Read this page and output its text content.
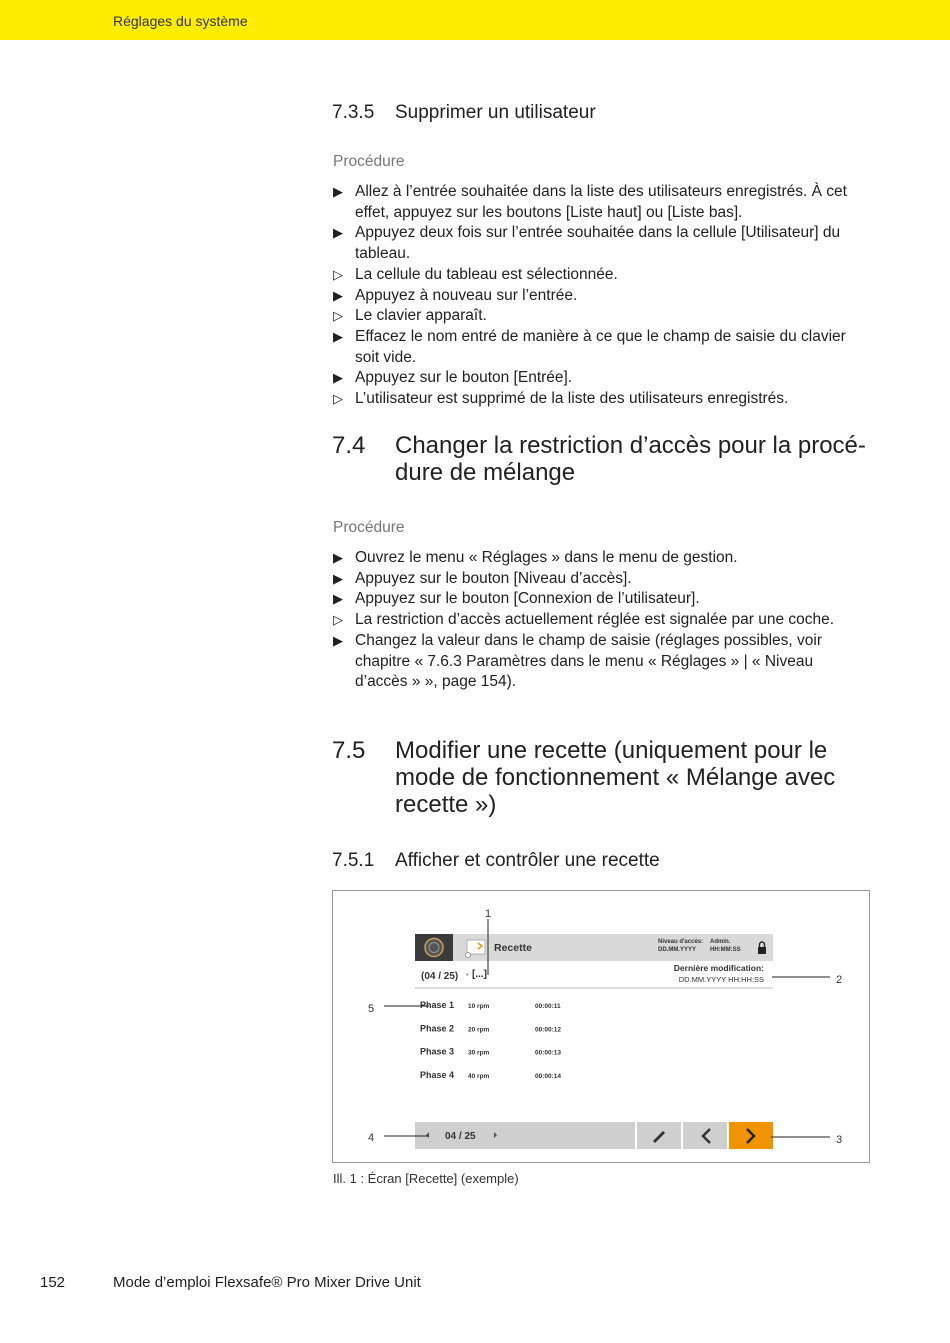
Réglages du système
7.3.5 Supprimer un utilisateur
Procédure
▶ Allez à l’entrée souhaitée dans la liste des utilisateurs enregistrés. À cet effet, appuyez sur les boutons [Liste haut] ou [Liste bas].
▶ Appuyez deux fois sur l’entrée souhaitée dans la cellule [Utilisateur] du tableau.
▷ La cellule du tableau est sélectionnée.
▶ Appuyez à nouveau sur l’entrée.
▷ Le clavier apparaît.
▶ Effacez le nom entré de manière à ce que le champ de saisie du clavier soit vide.
▶ Appuyez sur le bouton [Entrée].
▷ L’utilisateur est supprimé de la liste des utilisateurs enregistrés.
7.4 Changer la restriction d’accès pour la procé-
dure de mélange
Procédure
▶ Ouvrez le menu « Réglages » dans le menu de gestion.
▶ Appuyez sur le bouton [Niveau d’accès].
▶ Appuyez sur le bouton [Connexion de l’utilisateur].
▷ La restriction d’accès actuellement réglée est signalée par une coche.
▶ Changez la valeur dans le champ de saisie (réglages possibles, voir chapitre « 7.6.3 Paramètres dans le menu « Réglages » | « Niveau d’accès » », page 154).
7.5 Modifier une recette (uniquement pour le mode de fonctionnement « Mélange avec recette »)
7.5.1 Afficher et contrôler une recette
Recette	Niveau d'accès: Admin.
DD.MM.YYYY HH:MM:SS
(04 / 25) • [...]
Dernière modification:
DD.MM.YYYY HH:HH:SS
Phase 1 10 rpm	00:00:11
Phase 2 20 rpm	00:00:12
Phase 3 30 rpm	00:00:13
Phase 4 40 rpm	00:00:14
04 / 25
1
2
3
4
5
Ill. 1 : Écran [Recette] (exemple)
152	Mode d’emploi Flexsafe® Pro Mixer Drive Unit
